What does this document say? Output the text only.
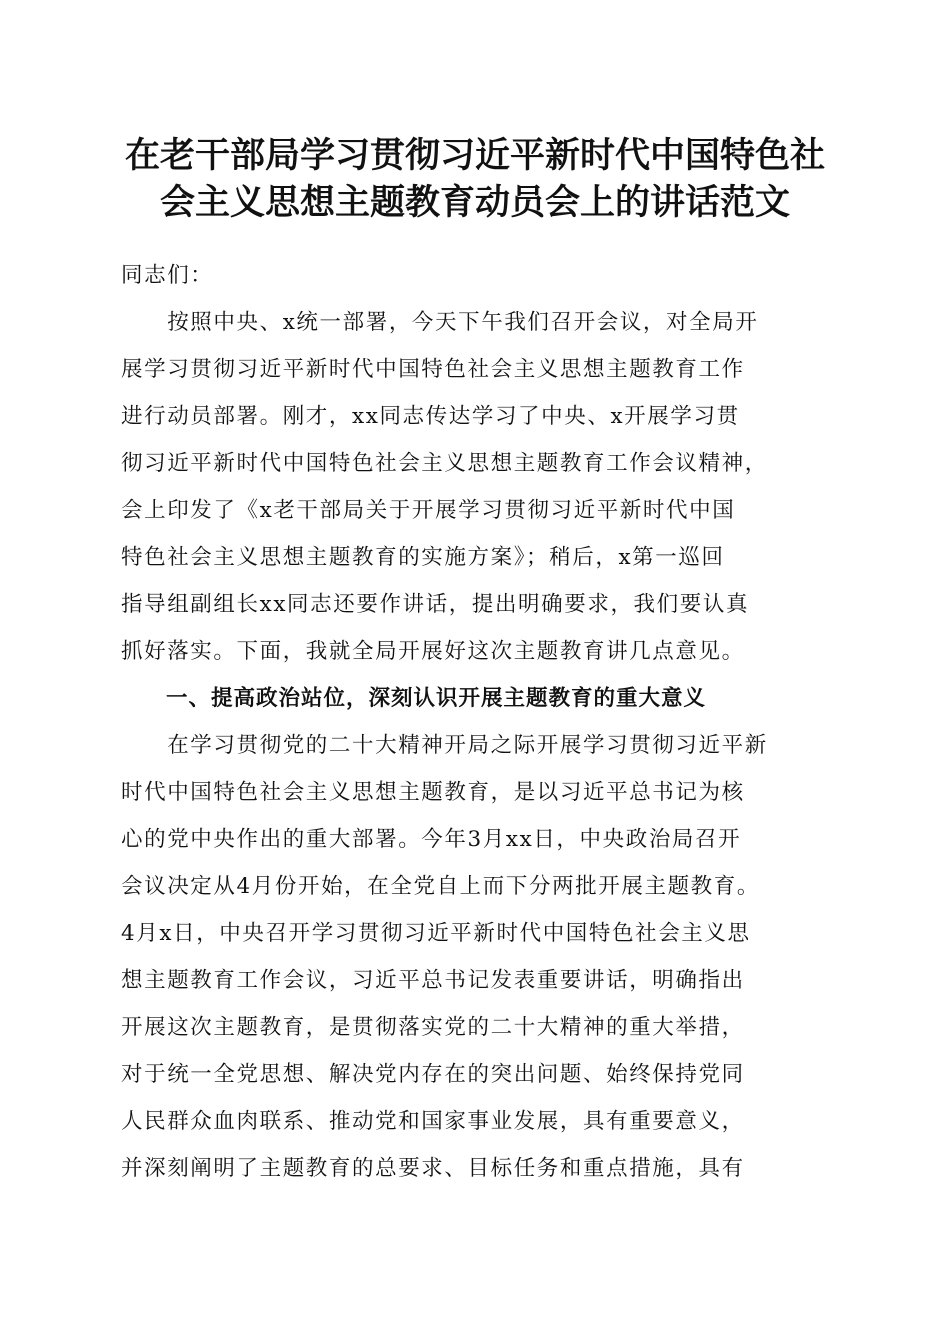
在老干部局学习贯彻习近平新时代中国特色社
会主义思想主题教育动员会上的讲话范文
同志们：
　　按照中央、x统一部署，今天下午我们召开会议，对全局开
展学习贯彻习近平新时代中国特色社会主义思想主题教育工作
进行动员部署。刚才，xx同志传达学习了中央、x开展学习贯
彻习近平新时代中国特色社会主义思想主题教育工作会议精神，
会上印发了《x老干部局关于开展学习贯彻习近平新时代中国
特色社会主义思想主题教育的实施方案》；稍后，x第一巡回
指导组副组长xx同志还要作讲话，提出明确要求，我们要认真
抓好落实。下面，我就全局开展好这次主题教育讲几点意见。
　　一、提高政治站位，深刻认识开展主题教育的重大意义
　　在学习贯彻党的二十大精神开局之际开展学习贯彻习近平新
时代中国特色社会主义思想主题教育，是以习近平总书记为核
心的党中央作出的重大部署。今年3月xx日，中央政治局召开
会议决定从4月份开始，在全党自上而下分两批开展主题教育。
4月x日，中央召开学习贯彻习近平新时代中国特色社会主义思
想主题教育工作会议，习近平总书记发表重要讲话，明确指出
开展这次主题教育，是贯彻落实党的二十大精神的重大举措，
对于统一全党思想、解决党内存在的突出问题、始终保持党同
人民群众血肉联系、推动党和国家事业发展，具有重要意义，
并深刻阐明了主题教育的总要求、目标任务和重点措施，具有
